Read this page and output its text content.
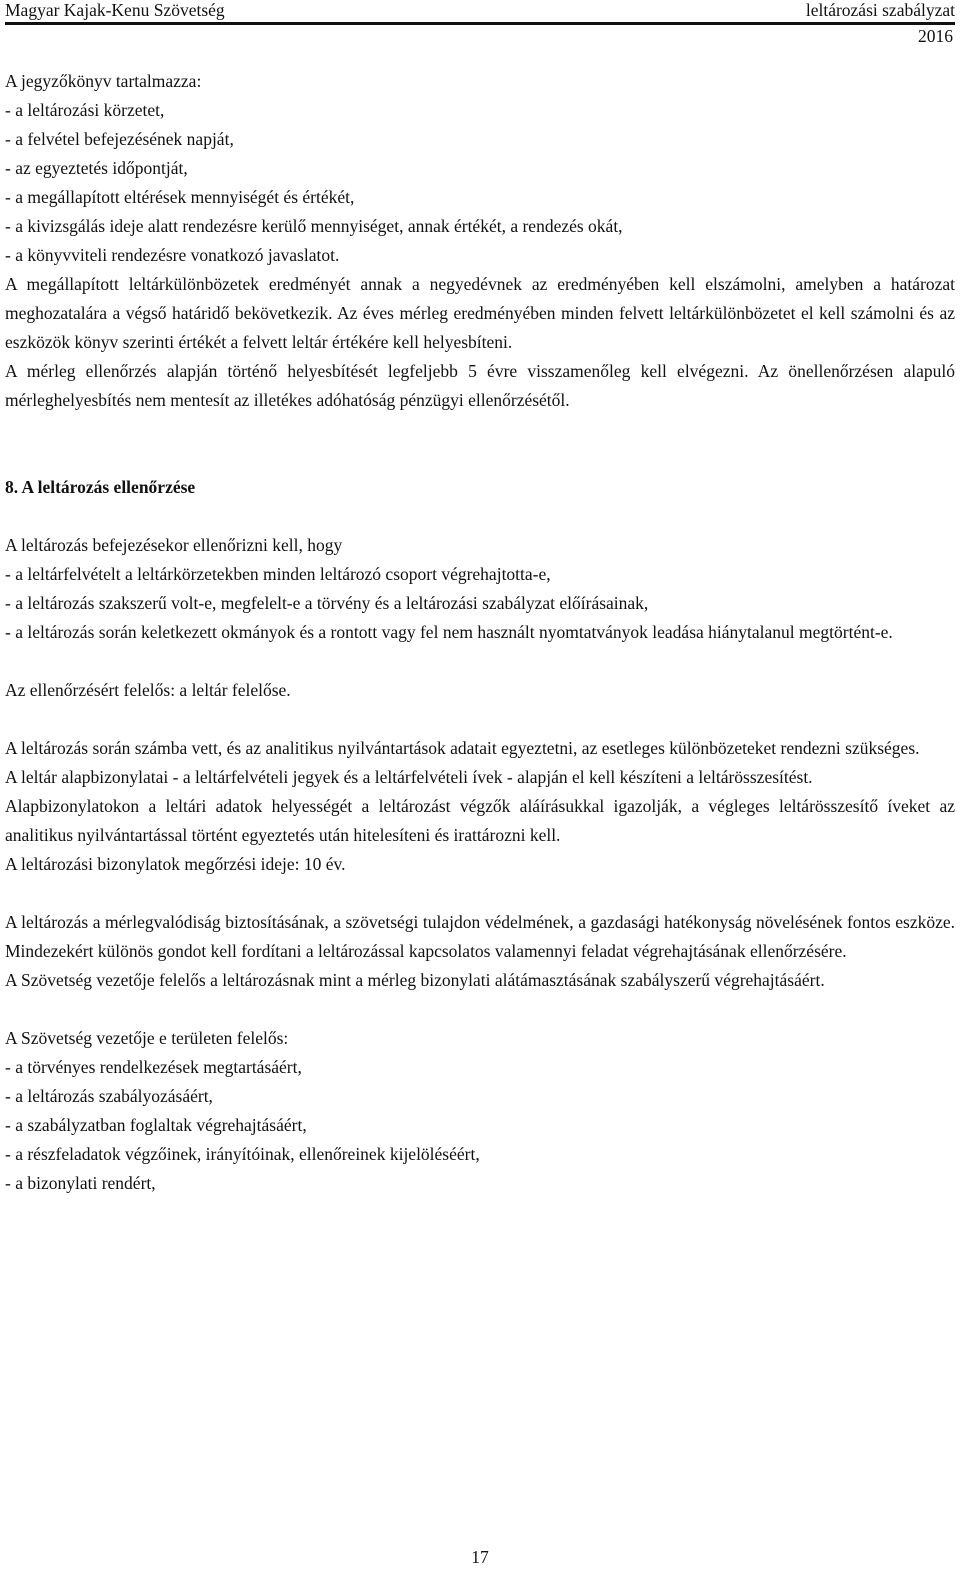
Magyar Kajak-Kenu Szövetség	leltározási szabályzat
2016

A jegyzőkönyv tartalmazza:

- a leltározási körzetet,

- a felvétel befejezésének napját,

- az egyeztetés időpontját,

- a megállapított eltérések mennyiségét és értékét,

- a kivizsgálás ideje alatt rendezésre kerülő mennyiséget, annak értékét, a rendezés okát,

- a könyvviteli rendezésre vonatkozó javaslatot.

A megállapított leltárkülönbözetek eredményét annak a negyedévnek az eredményében kell elszámolni, amelyben a határozat meghozatalára a végső határidő bekövetkezik. Az éves mérleg eredményében minden felvett leltárkülönbözetet el kell számolni és az eszközök könyv szerinti értékét a felvett leltár értékére kell helyesbíteni.

A mérleg ellenőrzés alapján történő helyesbítését legfeljebb 5 évre visszamenőleg kell elvégezni. Az önellenőrzésen alapuló mérleghelyesbítés nem mentesít az illetékes adóhatóság pénzügyi ellenőrzésétől.

8. A leltározás ellenőrzése

A leltározás befejezésekor ellenőrizni kell, hogy

- a leltárfelvételt a leltárkörzetekben minden leltározó csoport végrehajtotta-e,

- a leltározás szakszerű volt-e, megfelelt-e a törvény és a leltározási szabályzat előírásainak,

- a leltározás során keletkezett okmányok és a rontott vagy fel nem használt nyomtatványok leadása hiánytalanul megtörtént-e.

Az ellenőrzésért felelős: a leltár felelőse.

A leltározás során számba vett, és az analitikus nyilvántartások adatait egyeztetni, az esetleges különbözeteket rendezni szükséges.

A leltár alapbizonylatai - a leltárfelvételi jegyek és a leltárfelvételi ívek - alapján el kell készíteni a leltárösszesítést.

Alapbizonylatokon a leltári adatok helyességét a leltározást végzők aláírásukkal igazolják, a végleges leltárösszesítő íveket az analitikus nyilvántartással történt egyeztetés után hitelesíteni és irattározni kell.

A leltározási bizonylatok megőrzési ideje: 10 év.

A leltározás a mérlegvalódiság biztosításának, a szövetségi tulajdon védelmének, a gazdasági hatékonyság növelésének fontos eszköze. Mindezekért különös gondot kell fordítani a leltározással kapcsolatos valamennyi feladat végrehajtásának ellenőrzésére.

A Szövetség vezetője felelős a leltározásnak mint a mérleg bizonylati alátámasztásának szabályszerű végrehajtásáért.

A Szövetség vezetője e területen felelős:

- a törvényes rendelkezések megtartásáért,

- a leltározás szabályozásáért,

- a szabályzatban foglaltak végrehajtásáért,

- a részfeladatok végzőinek, irányítóinak, ellenőreinek kijelöléséért,

- a bizonylati rendért,

17
